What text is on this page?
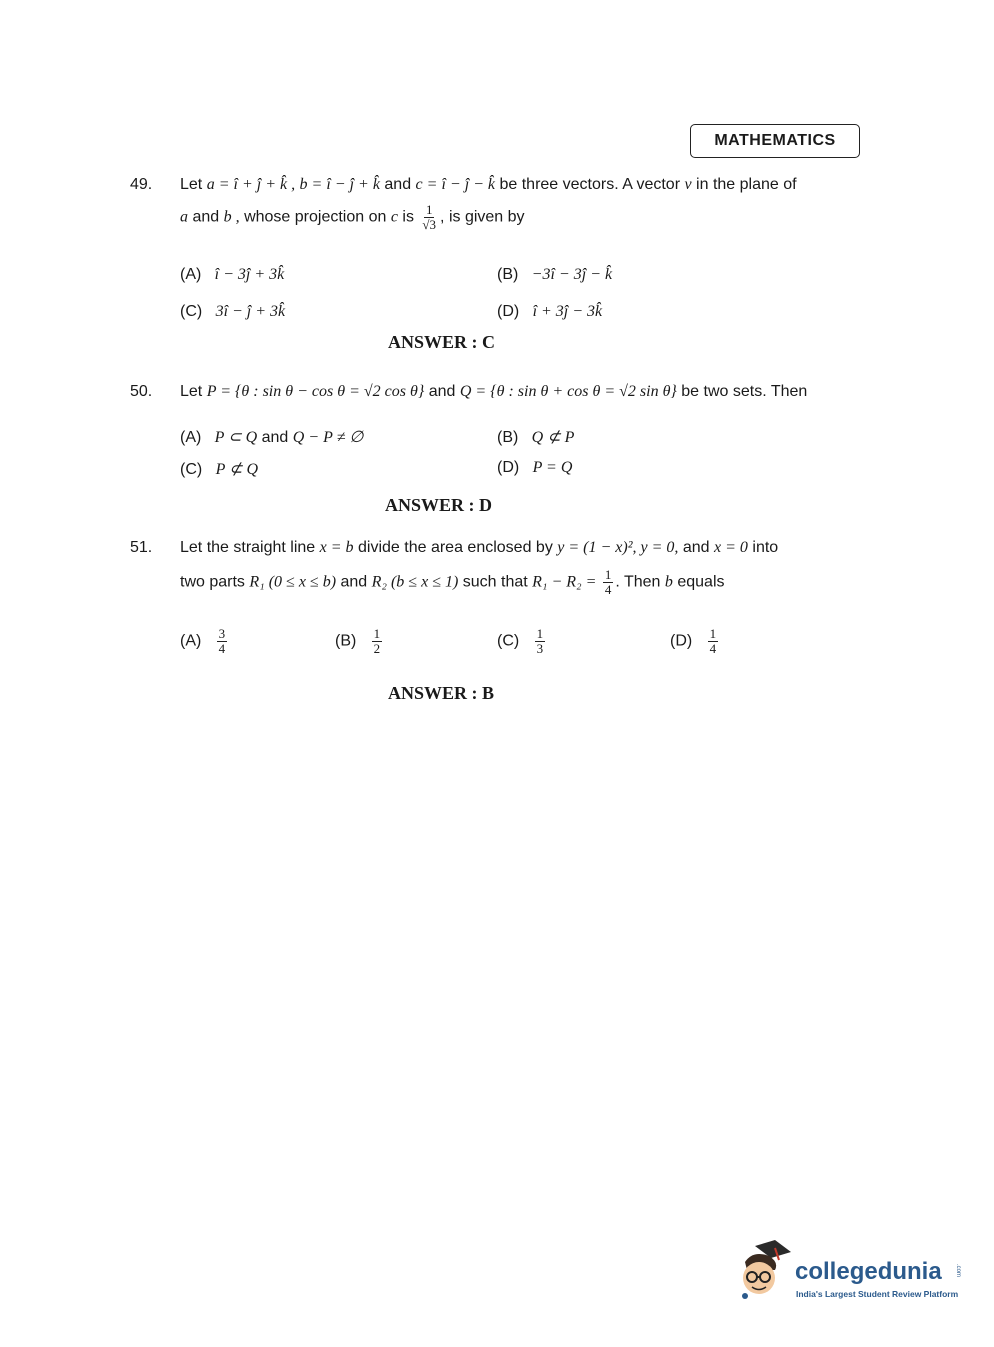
MATHEMATICS
49. Let a = î + ĵ + k̂ , b = î − ĵ + k̂ and c = î − ĵ − k̂ be three vectors. A vector v in the plane of
a and b , whose projection on c is $\frac{1}{√3}$ , is given by
(A) î − 3ĵ + 3k̂	(B) −3î − 3ĵ − k̂
(C) 3î − ĵ + 3k̂	(D) î + 3ĵ − 3k̂
ANSWER : C
50. Let P = {θ : sin θ − cos θ = √2 cos θ} and Q = {θ : sin θ + cos θ = √2 sin θ} be two sets. Then
(A) P ⊂ Q and Q − P ≠ ∅	(B) Q ⊄ P
(C) P ⊄ Q	(D) P = Q
ANSWER : D
51. Let the straight line x = b divide the area enclosed by y = (1 − x)², y = 0, and x = 0 into
two parts R₁ (0 ≤ x ≤ b) and R₂ (b ≤ x ≤ 1) such that $R_1 - R_2 = \frac{1}{4}$ . Then b equals
$(A) \frac{3}{4}$	$(B) \frac{1}{2}$	$(C) \frac{1}{3}$	$(D) \frac{1}{4}$
ANSWER : B
collegedunia .com
India's Largest Student Review Platform
